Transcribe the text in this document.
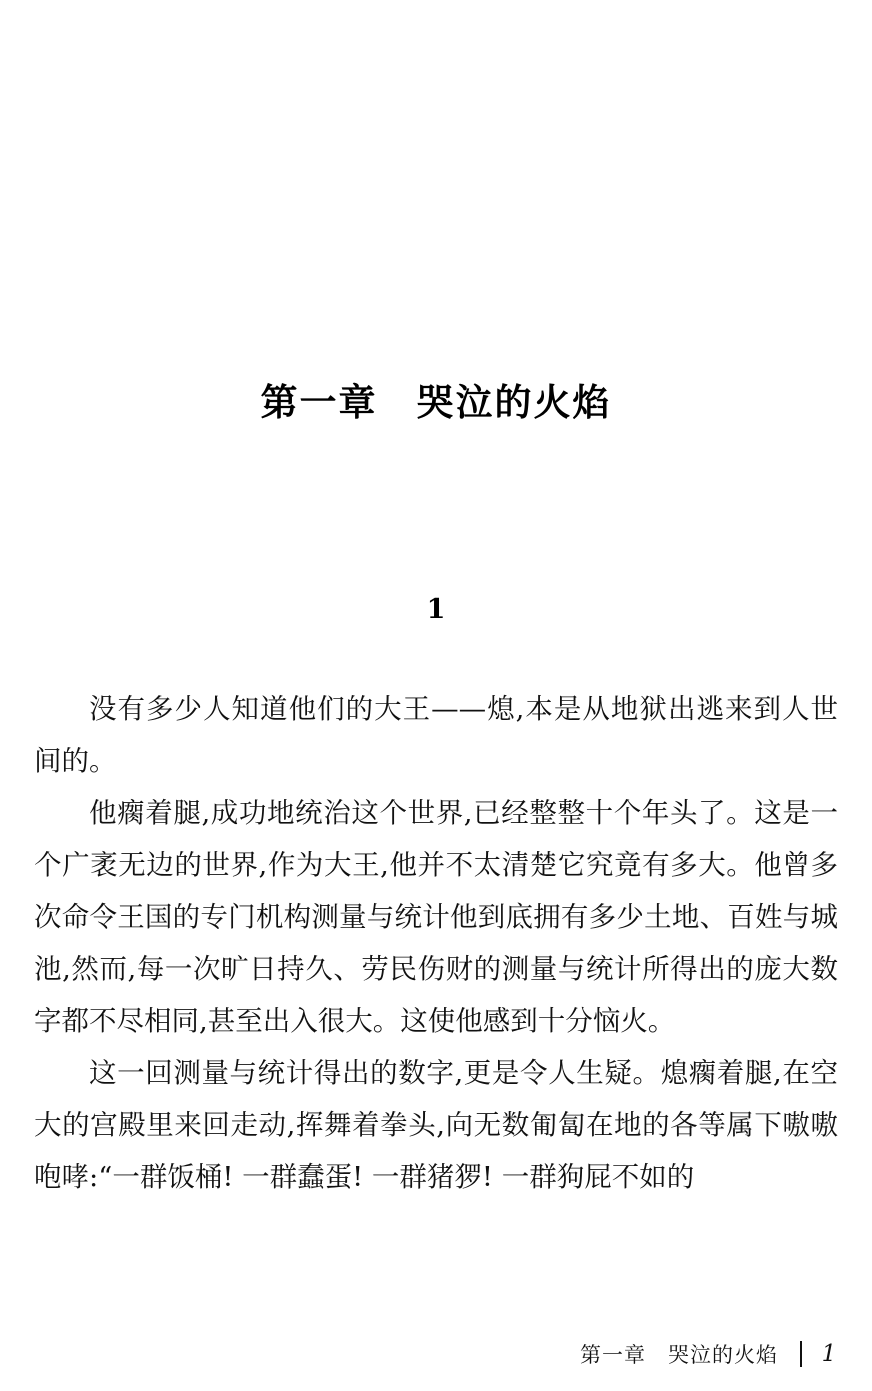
第一章　哭泣的火焰
1

没有多少人知道他们的大王——熄,本是从地狱出逃来到人世间的。

他瘸着腿,成功地统治这个世界,已经整整十个年头了。这是一个广袤无边的世界,作为大王,他并不太清楚它究竟有多大。他曾多次命令王国的专门机构测量与统计他到底拥有多少土地、百姓与城池,然而,每一次旷日持久、劳民伤财的测量与统计所得出的庞大数字都不尽相同,甚至出入很大。这使他感到十分恼火。

这一回测量与统计得出的数字,更是令人生疑。熄瘸着腿,在空大的宫殿里来回走动,挥舞着拳头,向无数匍匐在地的各等属下嗷嗷咆哮:“一群饭桶! 一群蠢蛋! 一群猪猡! 一群狗屁不如的

第一章　哭泣的火焰 1
